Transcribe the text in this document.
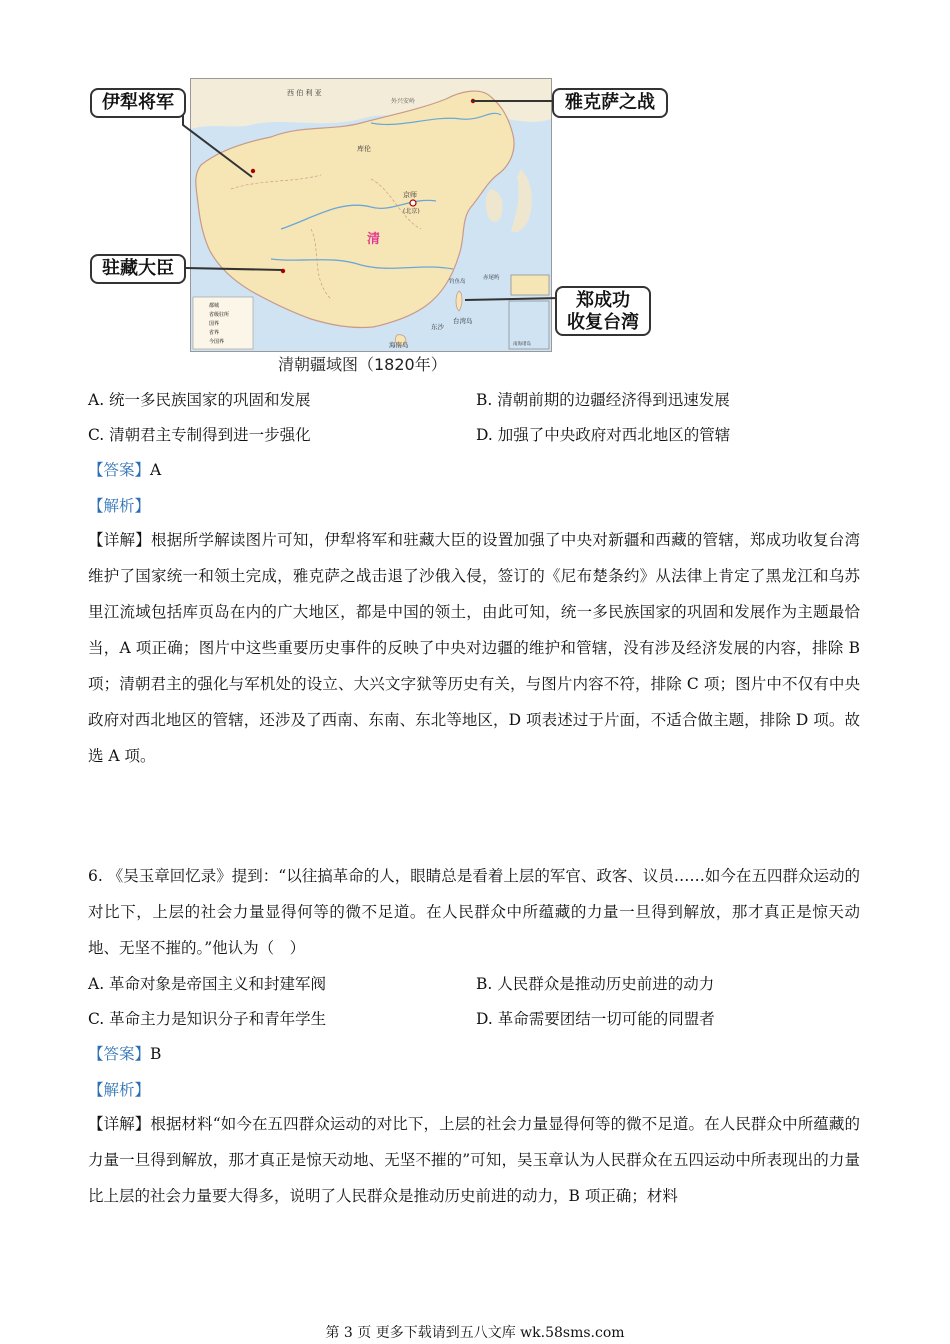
西 伯 利 亚
外兴安岭
库伦
京师
(北京)
清
钓鱼岛
赤尾屿
台湾岛
东沙
海南岛
都城
省级驻所
国界
省界
今国界	南海诸岛
伊犁将军	雅克萨之战
驻藏大臣
郑成功
收复台湾
清朝疆域图（1820年）
A. 统一多民族国家的巩固和发展	B. 清朝前期的边疆经济得到迅速发展
C. 清朝君主专制得到进一步强化	D. 加强了中央政府对西北地区的管辖
【答案】A
【解析】
【详解】根据所学解读图片可知，伊犁将军和驻藏大臣的设置加强了中央对新疆和西藏的管辖，郑成功收复台湾维护了国家统一和领土完成，雅克萨之战击退了沙俄入侵，签订的《尼布楚条约》从法律上肯定了黑龙江和乌苏里江流域包括库页岛在内的广大地区，都是中国的领土，由此可知，统一多民族国家的巩固和发展作为主题最恰当，A 项正确；图片中这些重要历史事件的反映了中央对边疆的维护和管辖，没有涉及经济发展的内容，排除 B 项；清朝君主的强化与军机处的设立、大兴文字狱等历史有关，与图片内容不符，排除 C 项；图片中不仅有中央政府对西北地区的管辖，还涉及了西南、东南、东北等地区，D 项表述过于片面，不适合做主题，排除 D 项。故选 A 项。
6. 《吴玉章回忆录》提到：“以往搞革命的人，眼睛总是看着上层的军官、政客、议员……如今在五四群众运动的对比下，上层的社会力量显得何等的微不足道。在人民群众中所蕴藏的力量一旦得到解放，那才真正是惊天动地、无坚不摧的。”他认为（　）
A. 革命对象是帝国主义和封建军阀	B. 人民群众是推动历史前进的动力
C. 革命主力是知识分子和青年学生	D. 革命需要团结一切可能的同盟者
【答案】B
【解析】
【详解】根据材料“如今在五四群众运动的对比下，上层的社会力量显得何等的微不足道。在人民群众中所蕴藏的力量一旦得到解放，那才真正是惊天动地、无坚不摧的”可知，吴玉章认为人民群众在五四运动中所表现出的力量比上层的社会力量要大得多，说明了人民群众是推动历史前进的动力，B 项正确；材料
第 3 页 更多下载请到五八文库 wk.58sms.com
